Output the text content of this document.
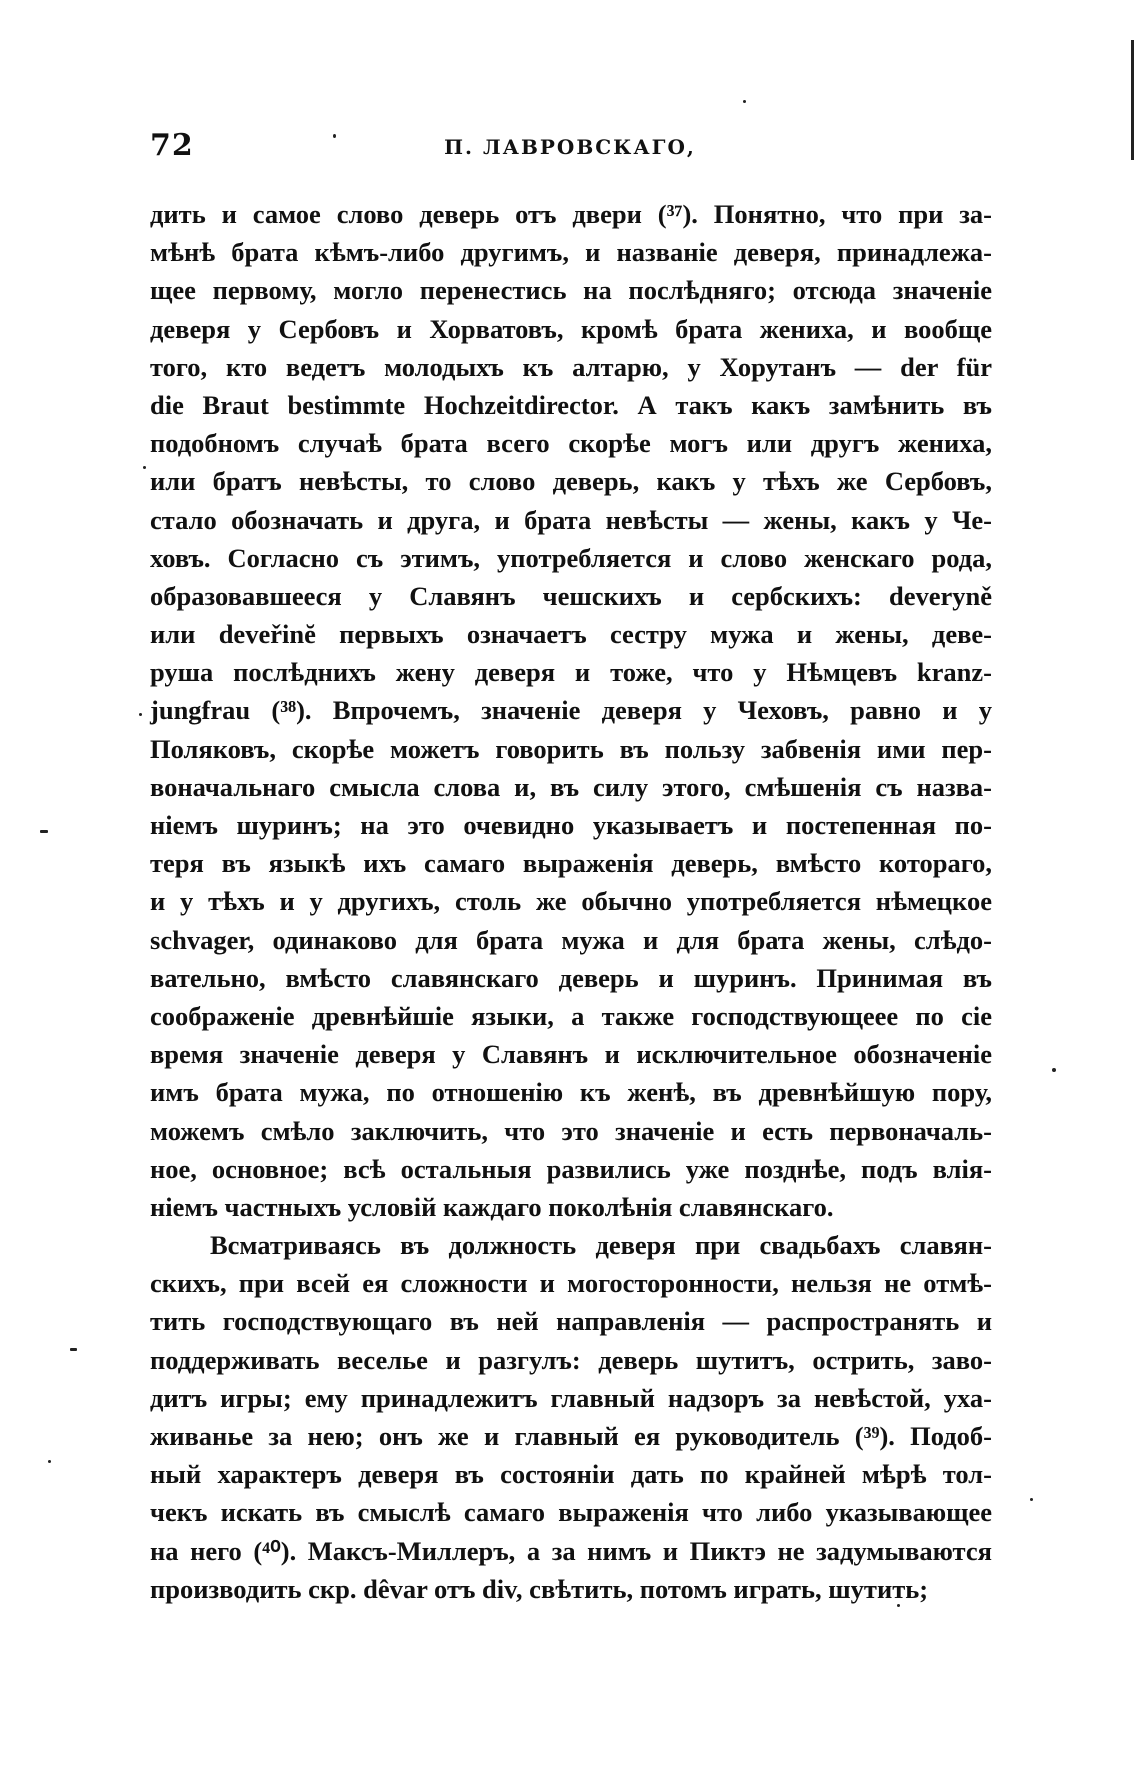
72	П. ЛАВРОВСКАГО,
дить и самое слово деверь отъ двери (³⁷). Понятно, что при за-
мѣнѣ брата кѣмъ-либо другимъ, и названіе деверя, принадлежа-
щее первому, могло перенестись на послѣдняго; отсюда значеніе
деверя у Сербовъ и Хорватовъ, кромѣ брата жениха, и вообще
того, кто ведетъ молодыхъ къ алтарю, у Хорутанъ — der für
die Braut bestimmte Hochzeitdirector. А такъ какъ замѣнить въ
подобномъ случаѣ брата всего скорѣе могъ или другъ жениха,
или братъ невѣсты, то слово деверь, какъ у тѣхъ же Сербовъ,
стало обозначать и друга, и брата невѣсты — жены, какъ у Че-
ховъ. Согласно съ этимъ, употребляется и слово женскаго рода,
образовавшееся у Славянъ чешскихъ и сербскихъ: deveryně
или deveřinĕ первыхъ означаетъ сестру мужа и жены, деве-
руша послѣднихъ жену деверя и тоже, что у Нѣмцевъ kranz-
jungfrau (³⁸). Впрочемъ, значеніе деверя у Чеховъ, равно и у
Поляковъ, скорѣе можетъ говорить въ пользу забвенія ими пер-
воначальнаго смысла слова и, въ силу этого, смѣшенія съ назва-
ніемъ шуринъ; на это очевидно указываетъ и постепенная по-
теря въ языкѣ ихъ самаго выраженія деверь, вмѣсто котораго,
и у тѣхъ и у другихъ, столь же обычно употребляется нѣмецкое
schvager, одинаково для брата мужа и для брата жены, слѣдо-
вательно, вмѣсто славянскаго деверь и шуринъ. Принимая въ
соображеніе древнѣйшіе языки, а также господствующееe по сіе
время значеніе деверя у Славянъ и исключительное обозначеніе
имъ брата мужа, по отношенію къ женѣ, въ древнѣйшую пору,
можемъ смѣло заключить, что это значеніе и есть первоначаль-
ное, основное; всѣ остальныя развились уже позднѣе, подъ влія-
ніемъ частныхъ условій каждаго поколѣнія славянскаго.
Всматриваясь въ должность деверя при свадьбахъ славян-
скихъ, при всей ея сложности и могосторонности, нельзя не отмѣ-
тить господствующаго въ ней направленія — распространять и
поддерживать веселье и разгулъ: деверь шутитъ, острить, заво-
дитъ игры; ему принадлежитъ главный надзоръ за невѣстой, уха-
живанье за нею; онъ же и главный ея руководитель (³⁹). Подоб-
ный характеръ деверя въ состояніи дать по крайней мѣрѣ тол-
чекъ искать въ смыслѣ самаго выраженія что либо указывающее
на него (⁴⁰). Максъ-Миллеръ, а за нимъ и Пиктэ не задумываются
производить скр. dêvar отъ div, свѣтить, потомъ играть, шутить;
